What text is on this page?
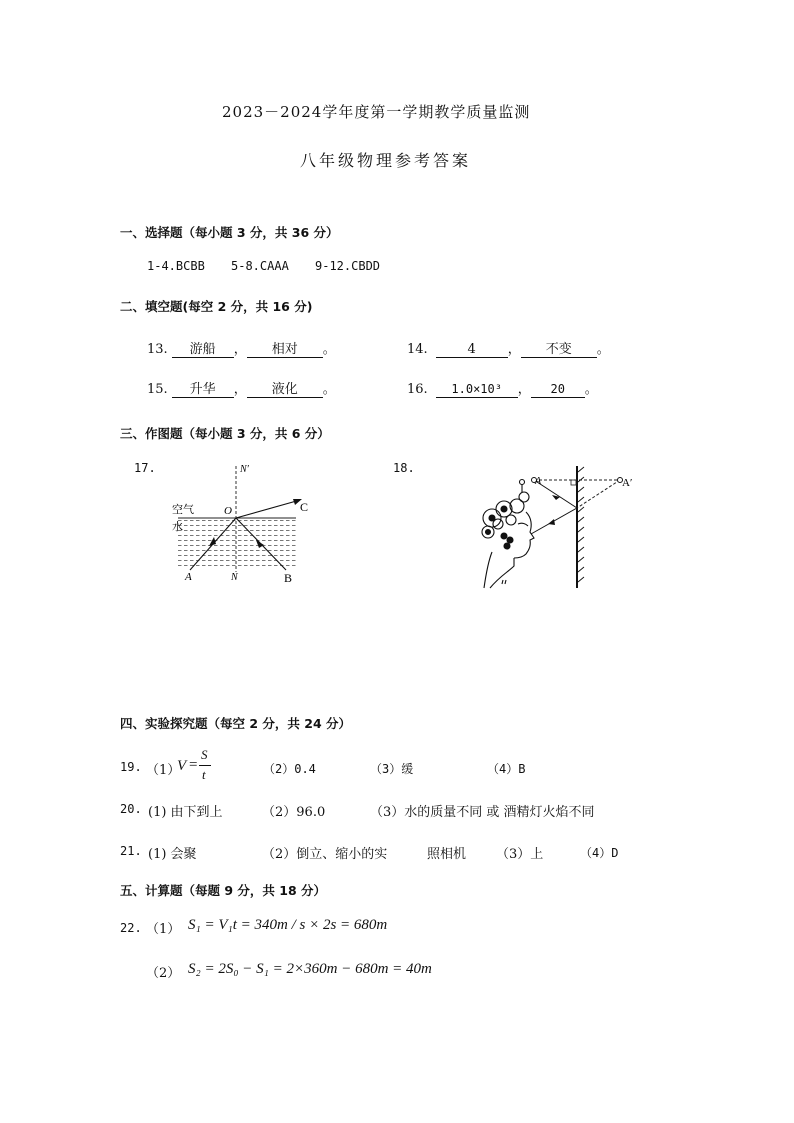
2023－2024学年度第一学期教学质量监测
八年级物理参考答案
一、选择题（每小题 3 分，共 36 分）
1-4.BCBB 5-8.CAAA 9-12.CBDD
二、填空题(每空 2 分，共 16 分)
13. 游船 ， 相对 。	14.	4 ， 不变 。
15. 升华 ， 液化 。	16. 1.0×10³ ， 20 。
三、作图题（每小题 3 分，共 6 分）
17.	18.
N′
O	C
空气
水
A	N	B
A	A′
四、实验探究题（每空 2 分，共 24 分）
19. （1）
V =
S
t	（2）0.4	（3）缓	（4）B
20. (1) 由下到上	（2）96.0	（3）水的质量不同 或 酒精灯火焰不同
21. (1) 会聚	（2）倒立、缩小的实	照相机 （3）上	（4）D
五、计算题（每题 9 分，共 18 分）
22. （1） S₁ = V₁t = 340m / s × 2s = 680m
（2） S₂ = 2S₀ − S₁ = 2×360m − 680m = 40m
